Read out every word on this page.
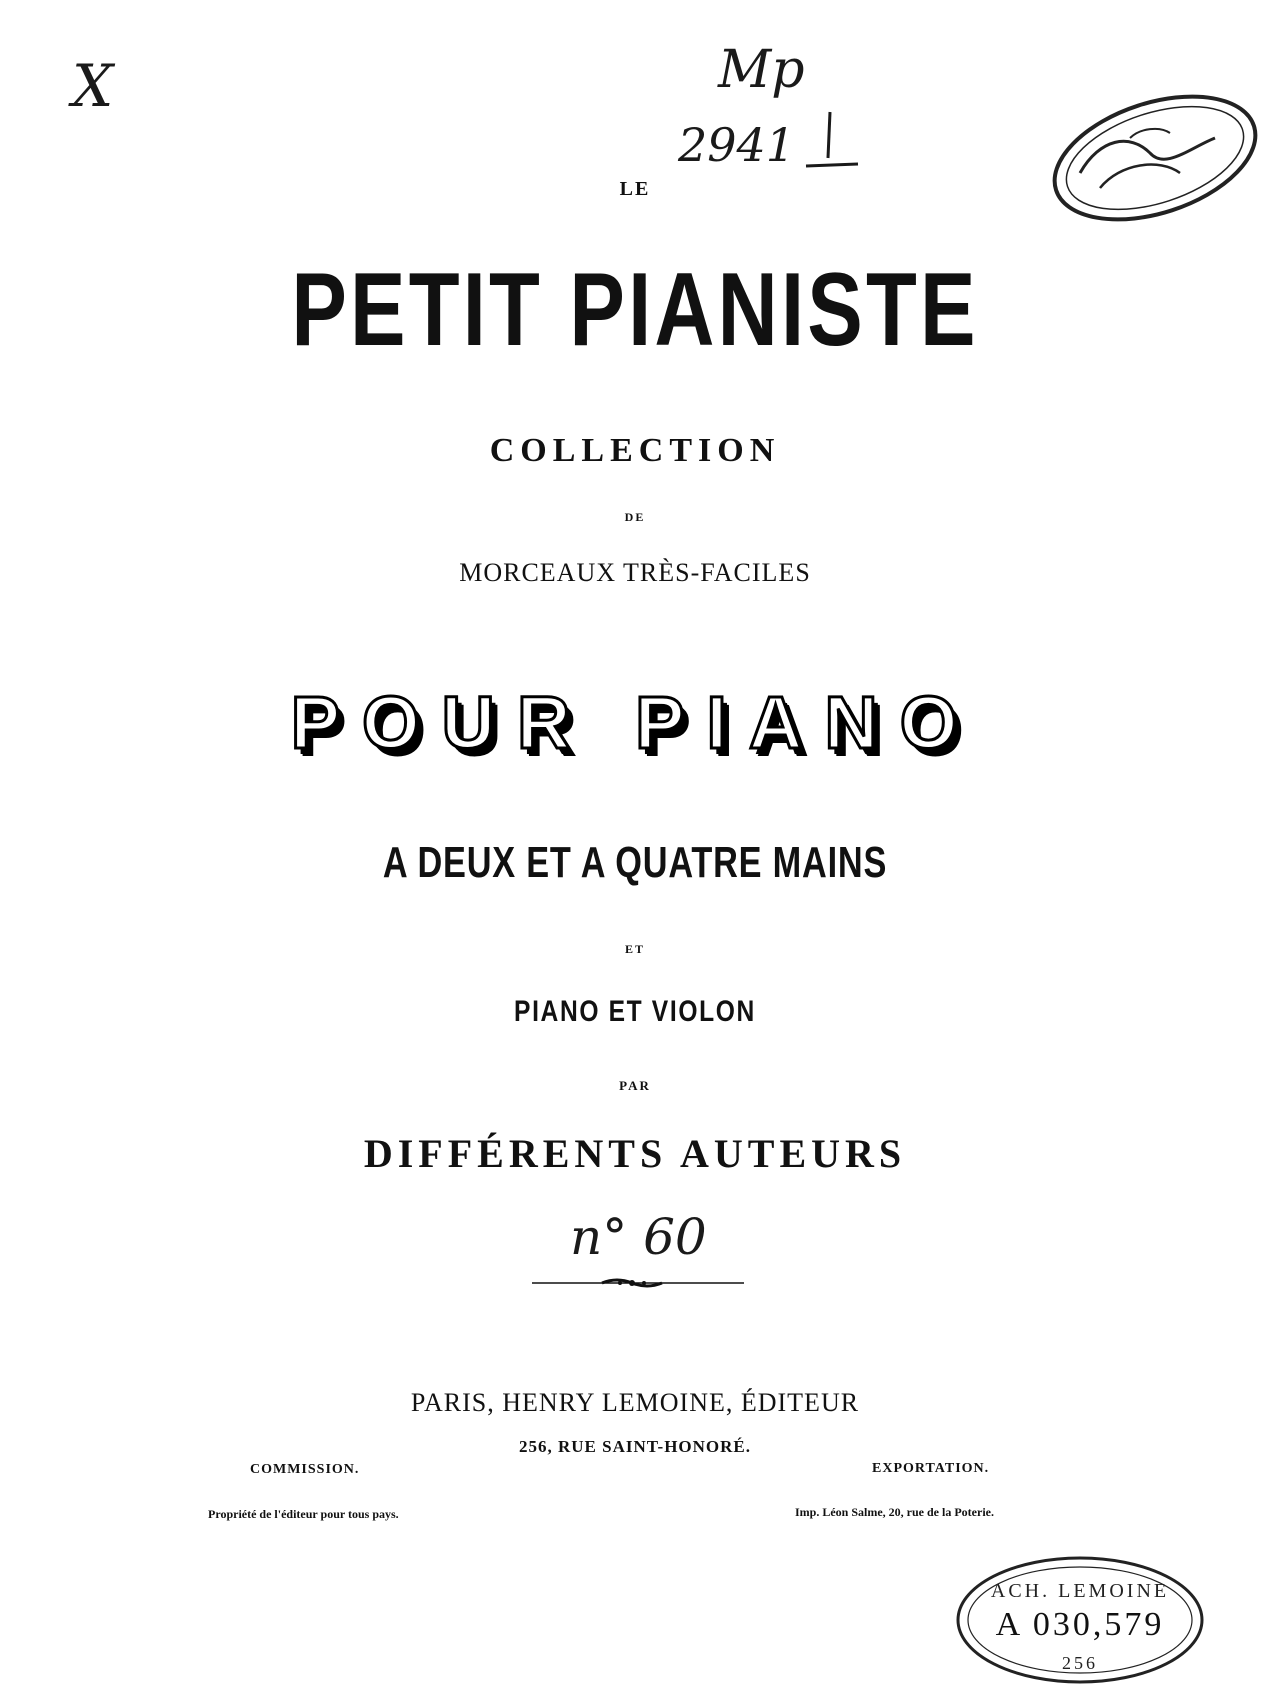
X	Mp
2941
LE
PETIT PIANISTE
COLLECTION
DE
MORCEAUX TRÈS-FACILES
POUR PIANO
A DEUX ET A QUATRE MAINS
ET
PIANO ET VIOLON
PAR
DIFFÉRENTS AUTEURS
n° 60
PARIS, HENRY LEMOINE, ÉDITEUR
256, RUE SAINT-HONORÉ.
COMMISSION.	EXPORTATION.
Propriété de l'éditeur pour tous pays.	Imp. Léon Salme, 20, rue de la Poterie.
ACH. LEMOINE
A 030,579
256
